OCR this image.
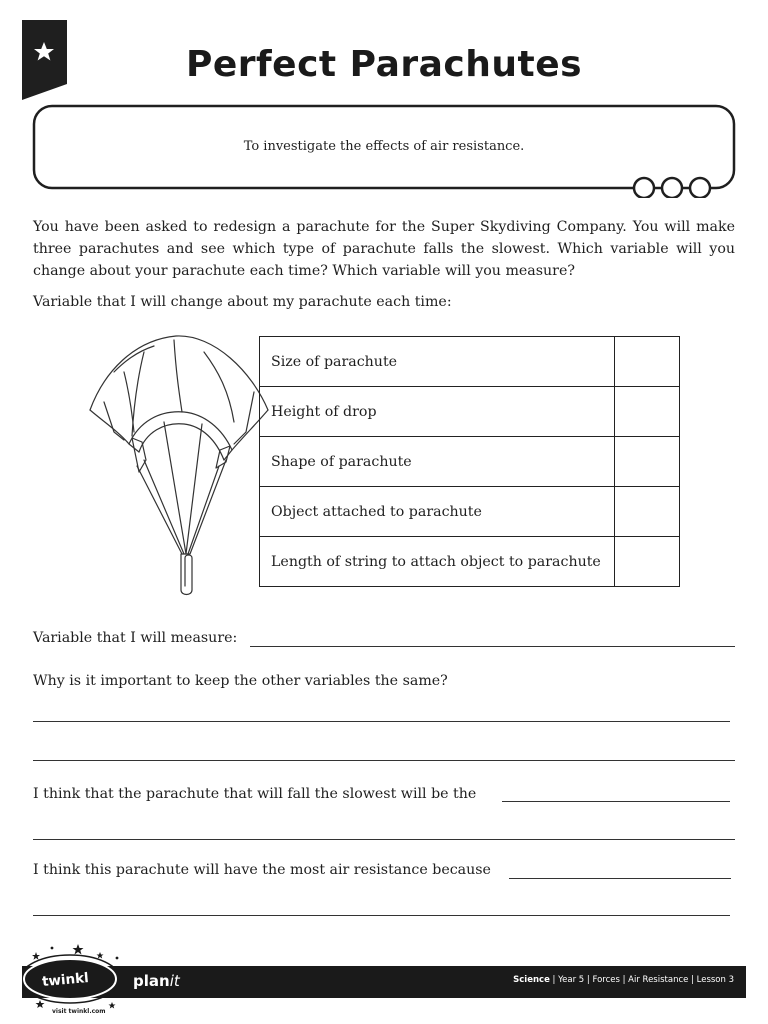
Perfect Parachutes
To investigate the effects of air resistance.

You have been asked to redesign a parachute for the Super Skydiving Company. You will make three parachutes and see which type of parachute falls the slowest. Which variable will you change about your parachute each time? Which variable will you measure?

Variable that I will change about my parachute each time:
Size of parachute	
Height of drop	
Shape of parachute	
Object attached to parachute	
Length of string to attach object to parachute	
Variable that I will measure:
Why is it important to keep the other variables the same?
I think that the parachute that will fall the slowest will be the
I think this parachute will have the most air resistance because
Science | Year 5 | Forces | Air Resistance | Lesson 3
twinkl	planit
visit twinkl.com
